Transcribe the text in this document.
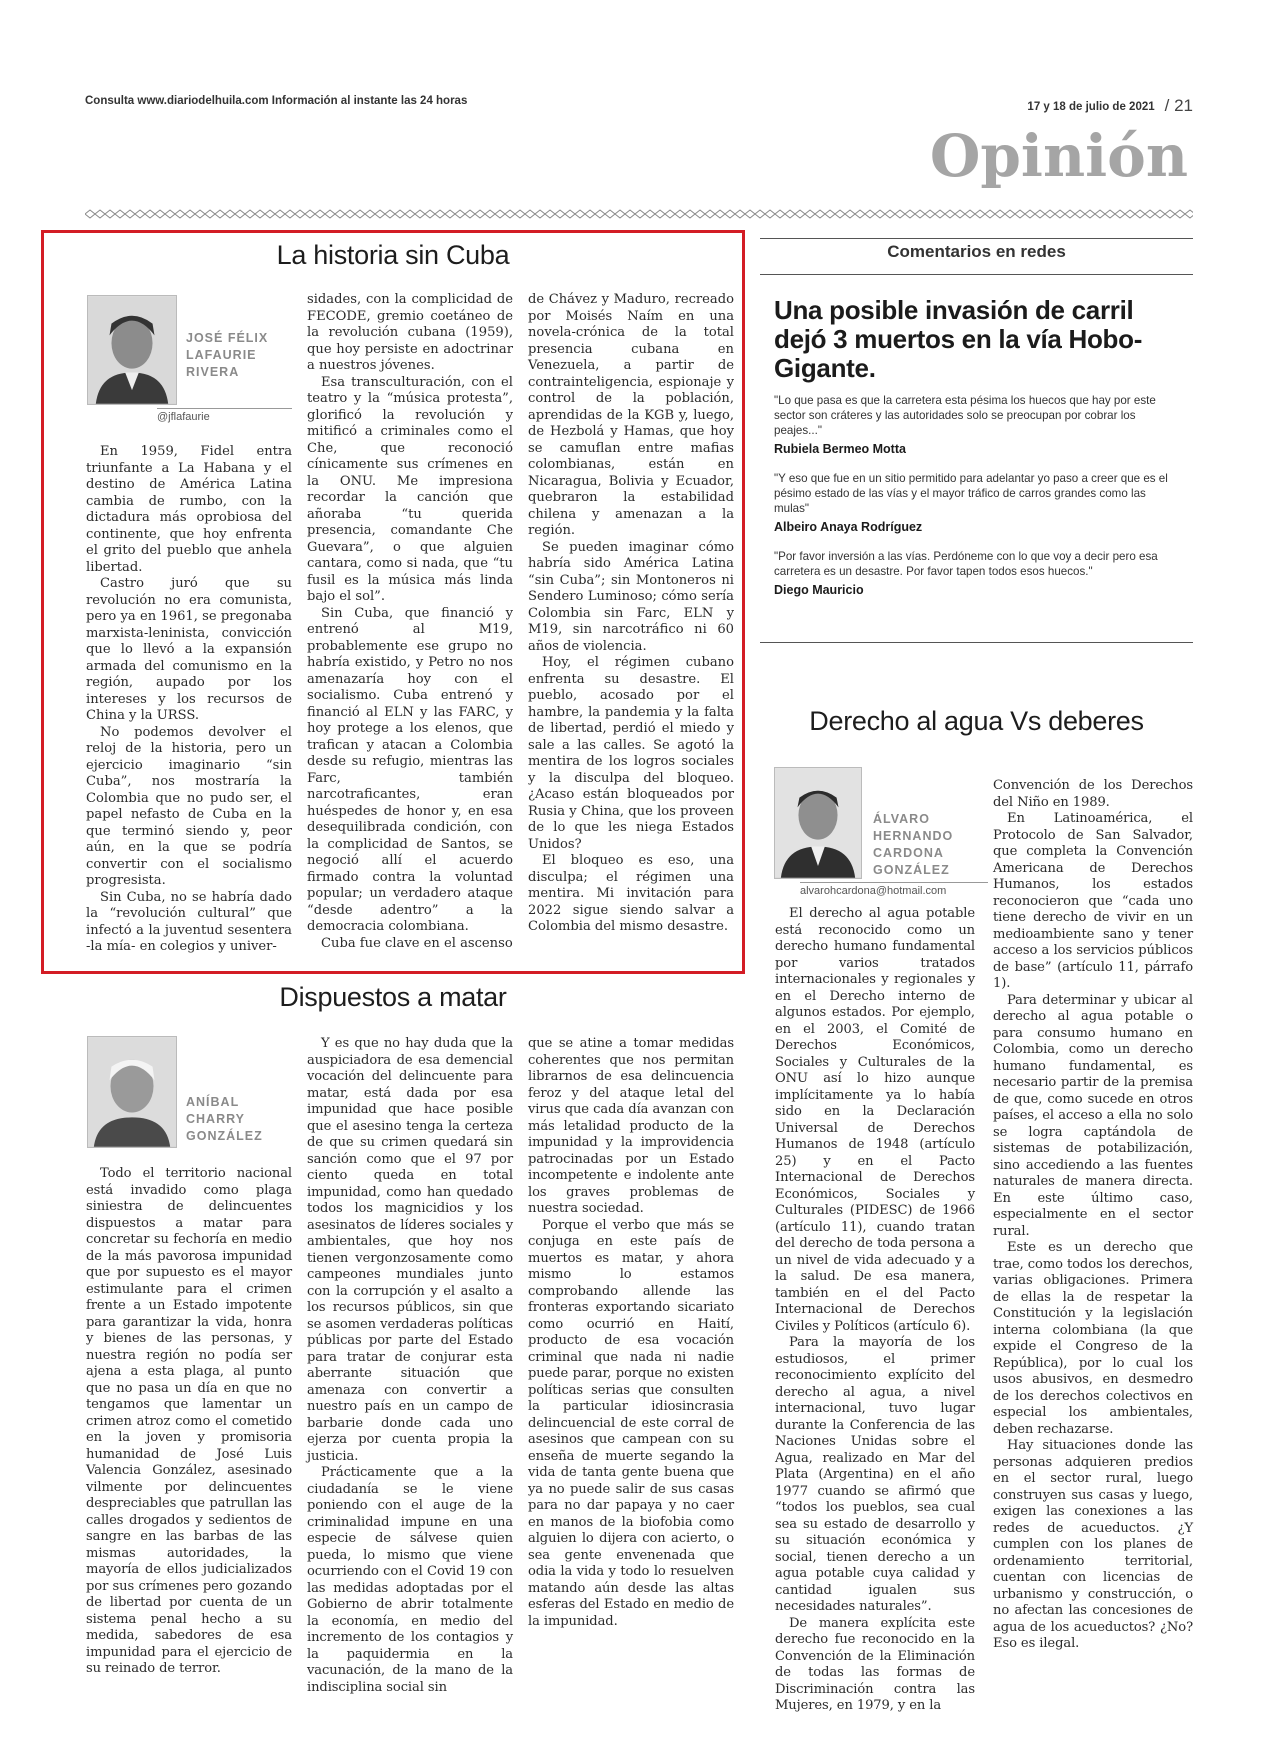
Consulta www.diariodelhuila.com Información al instante las 24 horas	17 y 18 de julio de 2021 / 21
Opinión
La historia sin Cuba
JOSÉ FÉLIX LAFAURIE RIVERA
@jflafaurie

En 1959, Fidel entra triunfante a La Habana y el destino de América Latina cambia de rumbo, con la dictadura más oprobiosa del continente, que hoy enfrenta el grito del pueblo que anhela libertad.

Castro juró que su revolución no era comunista, pero ya en 1961, se pregonaba marxista-leninista, convicción que lo llevó a la expansión armada del comunismo en la región, aupado por los intereses y los recursos de China y la URSS.

No podemos devolver el reloj de la historia, pero un ejercicio imaginario “sin Cuba”, nos mostraría la Colombia que no pudo ser, el papel nefasto de Cuba en la que terminó siendo y, peor aún, en la que se podría convertir con el socialismo progresista.

Sin Cuba, no se habría dado la “revolución cultural” que infectó a la juventud sesentera -la mía- en colegios y univer-

sidades, con la complicidad de FECODE, gremio coetáneo de la revolución cubana (1959), que hoy persiste en adoctrinar a nuestros jóvenes.

Esa transculturación, con el teatro y la “música protesta”, glorificó la revolución y mitificó a criminales como el Che, que reconoció cínicamente sus crímenes en la ONU. Me impresiona recordar la canción que añoraba “tu querida presencia, comandante Che Guevara”, o que alguien cantara, como si nada, que “tu fusil es la música más linda bajo el sol”.

Sin Cuba, que financió y entrenó al M19, probablemente ese grupo no habría existido, y Petro no nos amenazaría hoy con el socialismo. Cuba entrenó y financió al ELN y las FARC, y hoy protege a los elenos, que trafican y atacan a Colombia desde su refugio, mientras las Farc, también narcotraficantes, eran huéspedes de honor y, en esa desequilibrada condición, con la complicidad de Santos, se negoció allí el acuerdo firmado contra la voluntad popular; un verdadero ataque “desde adentro” a la democracia colombiana.

Cuba fue clave en el ascenso

de Chávez y Maduro, recreado por Moisés Naím en una novela-crónica de la total presencia cubana en Venezuela, a partir de contrainteligencia, espionaje y control de la población, aprendidas de la KGB y, luego, de Hezbolá y Hamas, que hoy se camuflan entre mafias colombianas, están en Nicaragua, Bolivia y Ecuador, quebraron la estabilidad chilena y amenazan a la región.

Se pueden imaginar cómo habría sido América Latina “sin Cuba”; sin Montoneros ni Sendero Luminoso; cómo sería Colombia sin Farc, ELN y M19, sin narcotráfico ni 60 años de violencia.

Hoy, el régimen cubano enfrenta su desastre. El pueblo, acosado por el hambre, la pandemia y la falta de libertad, perdió el miedo y sale a las calles. Se agotó la mentira de los logros sociales y la disculpa del bloqueo. ¿Acaso están bloqueados por Rusia y China, que los proveen de lo que les niega Estados Unidos?

El bloqueo es eso, una disculpa; el régimen una mentira. Mi invitación para 2022 sigue siendo salvar a Colombia del mismo desastre.

Comentarios en redes
Una posible invasión de carril dejó 3 muertos en la vía Hobo-Gigante.
"Lo que pasa es que la carretera esta pésima los huecos que hay por este sector son cráteres y las autoridades solo se preocupan por cobrar los peajes..."
Rubiela Bermeo Motta
"Y eso que fue en un sitio permitido para adelantar yo paso a creer que es el pésimo estado de las vías y el mayor tráfico de carros grandes como las mulas"
Albeiro Anaya Rodríguez
"Por favor inversión a las vías. Perdóneme con lo que voy a decir pero esa carretera es un desastre. Por favor tapen todos esos huecos."
Diego Mauricio
Derecho al agua Vs deberes
ÁLVARO HERNANDO CARDONA GONZÁLEZ
alvarohcardona@hotmail.com

El derecho al agua potable está reconocido como un derecho humano fundamental por varios tratados internacionales y regionales y en el Derecho interno de algunos estados. Por ejemplo, en el 2003, el Comité de Derechos Económicos, Sociales y Culturales de la ONU así lo hizo aunque implícitamente ya lo había sido en la Declaración Universal de Derechos Humanos de 1948 (artículo 25) y en el Pacto Internacional de Derechos Económicos, Sociales y Culturales (PIDESC) de 1966 (artículo 11), cuando tratan del derecho de toda persona a un nivel de vida adecuado y a la salud. De esa manera, también en el del Pacto Internacional de Derechos Civiles y Políticos (artículo 6).

Para la mayoría de los estudiosos, el primer reconocimiento explícito del derecho al agua, a nivel internacional, tuvo lugar durante la Conferencia de las Naciones Unidas sobre el Agua, realizado en Mar del Plata (Argentina) en el año 1977 cuando se afirmó que “todos los pueblos, sea cual sea su estado de desarrollo y su situación económica y social, tienen derecho a un agua potable cuya calidad y cantidad igualen sus necesidades naturales”.

De manera explícita este derecho fue reconocido en la Convención de la Eliminación de todas las formas de Discriminación contra las Mujeres, en 1979, y en la

Convención de los Derechos del Niño en 1989.

En Latinoamérica, el Protocolo de San Salvador, que completa la Convención Americana de Derechos Humanos, los estados reconocieron que “cada uno tiene derecho de vivir en un medioambiente sano y tener acceso a los servicios públicos de base” (artículo 11, párrafo 1).

Para determinar y ubicar al derecho al agua potable o para consumo humano en Colombia, como un derecho humano fundamental, es necesario partir de la premisa de que, como sucede en otros países, el acceso a ella no solo se logra captándola de sistemas de potabilización, sino accediendo a las fuentes naturales de manera directa. En este último caso, especialmente en el sector rural.

Este es un derecho que trae, como todos los derechos, varias obligaciones. Primera de ellas la de respetar la Constitución y la legislación interna colombiana (la que expide el Congreso de la República), por lo cual los usos abusivos, en desmedro de los derechos colectivos en especial los ambientales, deben rechazarse.

Hay situaciones donde las personas adquieren predios en el sector rural, luego construyen sus casas y luego, exigen las conexiones a las redes de acueductos. ¿Y cumplen con los planes de ordenamiento territorial, cuentan con licencias de urbanismo y construcción, o no afectan las concesiones de agua de los acueductos? ¿No? Eso es ilegal.

Dispuestos a matar
ANÍBAL CHARRY GONZÁLEZ

Todo el territorio nacional está invadido como plaga siniestra de delincuentes dispuestos a matar para concretar su fechoría en medio de la más pavorosa impunidad que por supuesto es el mayor estimulante para el crimen frente a un Estado impotente para garantizar la vida, honra y bienes de las personas, y nuestra región no podía ser ajena a esta plaga, al punto que no pasa un día en que no tengamos que lamentar un crimen atroz como el cometido en la joven y promisoria humanidad de José Luis Valencia González, asesinado vilmente por delincuentes despreciables que patrullan las calles drogados y sedientos de sangre en las barbas de las mismas autoridades, la mayoría de ellos judicializados por sus crímenes pero gozando de libertad por cuenta de un sistema penal hecho a su medida, sabedores de esa impunidad para el ejercicio de su reinado de terror.

Y es que no hay duda que la auspiciadora de esa demencial vocación del delincuente para matar, está dada por esa impunidad que hace posible que el asesino tenga la certeza de que su crimen quedará sin sanción como que el 97 por ciento queda en total impunidad, como han quedado todos los magnicidios y los asesinatos de líderes sociales y ambientales, que hoy nos tienen vergonzosamente como campeones mundiales junto con la corrupción y el asalto a los recursos públicos, sin que se asomen verdaderas políticas públicas por parte del Estado para tratar de conjurar esta aberrante situación que amenaza con convertir a nuestro país en un campo de barbarie donde cada uno ejerza por cuenta propia la justicia.

Prácticamente que a la ciudadanía se le viene poniendo con el auge de la criminalidad impune en una especie de sálvese quien pueda, lo mismo que viene ocurriendo con el Covid 19 con las medidas adoptadas por el Gobierno de abrir totalmente la economía, en medio del incremento de los contagios y la paquidermia en la vacunación, de la mano de la indisciplina social sin

que se atine a tomar medidas coherentes que nos permitan librarnos de esa delincuencia feroz y del ataque letal del virus que cada día avanzan con más letalidad producto de la impunidad y la improvidencia patrocinadas por un Estado incompetente e indolente ante los graves problemas de nuestra sociedad.

Porque el verbo que más se conjuga en este país de muertos es matar, y ahora mismo lo estamos comprobando allende las fronteras exportando sicariato como ocurrió en Haití, producto de esa vocación criminal que nada ni nadie puede parar, porque no existen políticas serias que consulten la particular idiosincrasia delincuencial de este corral de asesinos que campean con su enseña de muerte segando la vida de tanta gente buena que ya no puede salir de sus casas para no dar papaya y no caer en manos de la biofobia como alguien lo dijera con acierto, o sea gente envenenada que odia la vida y todo lo resuelven matando aún desde las altas esferas del Estado en medio de la impunidad.
